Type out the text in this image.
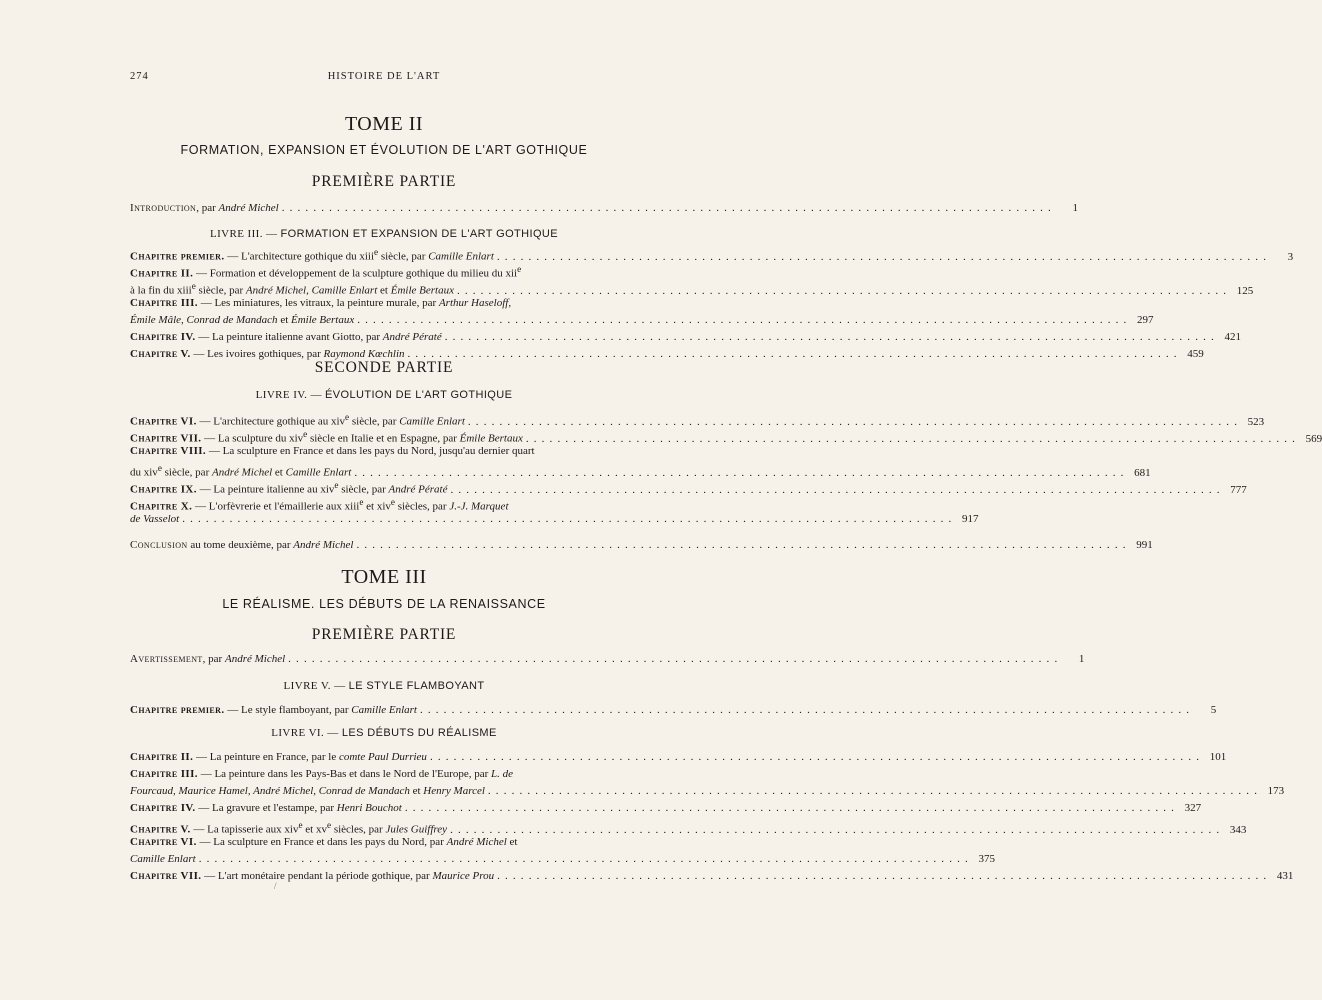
274	HISTOIRE DE L'ART
TOME II
FORMATION, EXPANSION ET ÉVOLUTION DE L'ART GOTHIQUE
PREMIÈRE PARTIE
Introduction, par André Michel . . .	1
LIVRE III. — FORMATION ET EXPANSION DE L'ART GOTHIQUE
Chapitre premier. — L'architecture gothique du xiii$^e$ siècle, par Camille Enlart . . .	3
Chapitre II. — Formation et développement de la sculpture gothique du milieu du xii$^e$
à la fin du xiii$^e$ siècle, par André Michel, Camille Enlart et Émile Bertaux . . .	125
Chapitre III. — Les miniatures, les vitraux, la peinture murale, par Arthur Haseloff,
Émile Mâle, Conrad de Mandach et Émile Bertaux . . .	297
Chapitre IV. — La peinture italienne avant Giotto, par André Pératé . . .	421
Chapitre V. — Les ivoires gothiques, par Raymond Kœchlin . . .	459
SECONDE PARTIE
LIVRE IV. — ÉVOLUTION DE L'ART GOTHIQUE
Chapitre VI. — L'architecture gothique au xiv$^e$ siècle, par Camille Enlart . . .	523
Chapitre VII. — La sculpture du xiv$^e$ siècle en Italie et en Espagne, par Émile Bertaux . . .	569
Chapitre VIII. — La sculpture en France et dans les pays du Nord, jusqu'au dernier quart
du xiv$^e$ siècle, par André Michel et Camille Enlart . . .	681
Chapitre IX. — La peinture italienne au xiv$^e$ siècle, par André Pératé . . .	777
Chapitre X. — L'orfèvrerie et l'émaillerie aux xiii$^e$ et xiv$^e$ siècles, par J.-J. Marquet
de Vasselot . . .	917
Conclusion au tome deuxième, par André Michel . . .	991
TOME III
LE RÉALISME. LES DÉBUTS DE LA RENAISSANCE
PREMIÈRE PARTIE
Avertissement, par André Michel . . .	1
LIVRE V. — LE STYLE FLAMBOYANT
Chapitre premier. — Le style flamboyant, par Camille Enlart . . .	5
LIVRE VI. — LES DÉBUTS DU RÉALISME
Chapitre II. — La peinture en France, par le comte Paul Durrieu . . .	101
Chapitre III. — La peinture dans les Pays-Bas et dans le Nord de l'Europe, par L. de
Fourcaud, Maurice Hamel, André Michel, Conrad de Mandach et Henry Marcel . . .	173
Chapitre IV. — La gravure et l'estampe, par Henri Bouchot . . .	327
Chapitre V. — La tapisserie aux xiv$^e$ et $xv^e$ siècles, par Jules Guiffrey . . .	343
Chapitre VI. — La sculpture en France et dans les pays du Nord, par André Michel et
Camille Enlart . . .	375
Chapitre VII. — L'art monétaire pendant la période gothique, par Maurice Prou . . .	431
/
